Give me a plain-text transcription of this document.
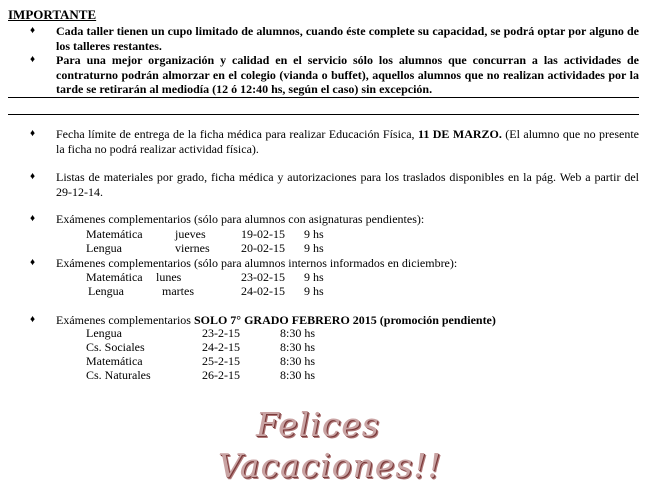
IMPORTANTE
♦ Cada taller tienen un cupo limitado de alumnos, cuando éste complete su capacidad, se podrá optar por alguno de los talleres restantes.
♦ Para una mejor organización y calidad en el servicio sólo los alumnos que concurran a las actividades de contraturno podrán almorzar en el colegio (vianda o buffet), aquellos alumnos que no realizan actividades por la tarde se retirarán al mediodía (12 ó 12:40 hs, según el caso) sin excepción.
♦ Fecha límite de entrega de la ficha médica para realizar Educación Física, 11 DE MARZO. (El alumno que no presente la ficha no podrá realizar actividad física).
♦ Listas de materiales por grado, ficha médica y autorizaciones para los traslados disponibles en la pág. Web a partir del 29-12-14.
♦ Exámenes complementarios (sólo para alumnos con asignaturas pendientes):
Matemática	jueves	19-02-15 9 hs
Lengua	viernes	20-02-15 9 hs
♦ Exámenes complementarios (sólo para alumnos internos informados en diciembre):
Matemática lunes	23-02-15 9 hs
Lengua	martes	24-02-15 9 hs
♦ Exámenes complementarios SOLO 7° GRADO FEBRERO 2015 (promoción pendiente)
Lengua	23-2-15	8:30 hs
Cs. Sociales	24-2-15	8:30 hs
Matemática	25-2-15	8:30 hs
Cs. Naturales	26-2-15	8:30 hs
Felices
Vacaciones!!
